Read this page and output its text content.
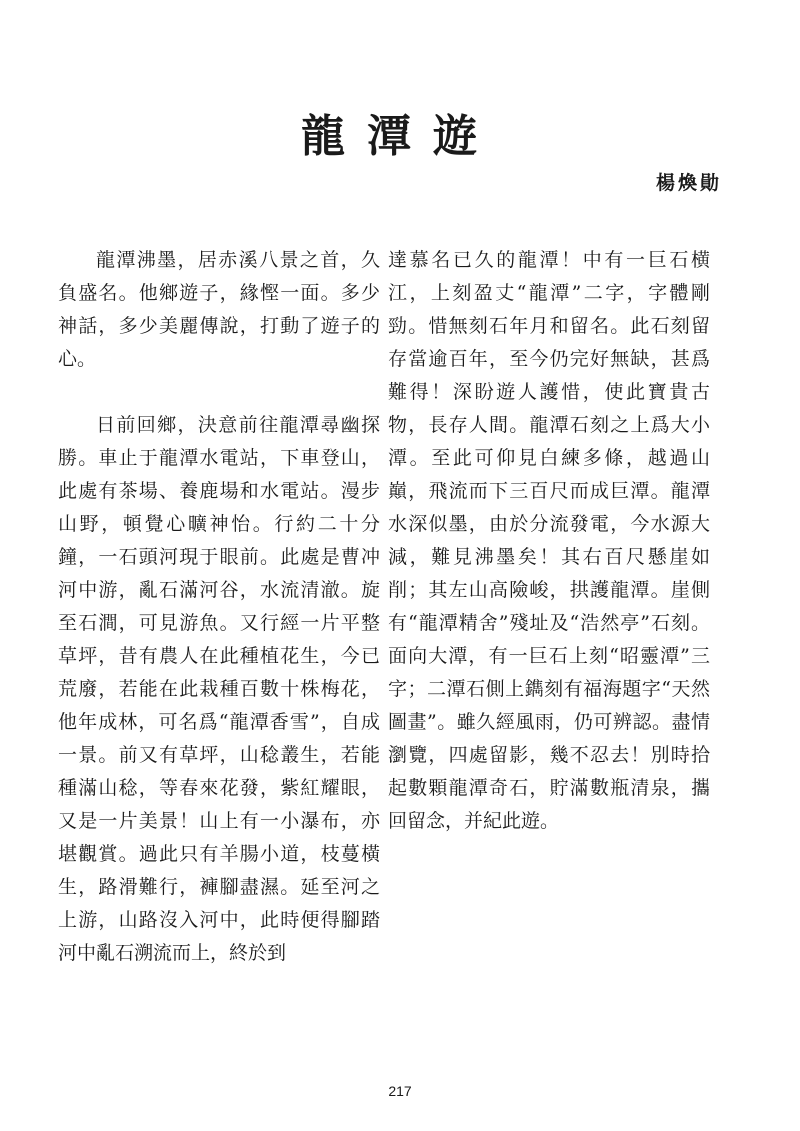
龍潭遊
楊煥勛

龍潭沸墨，居赤溪八景之首，久負盛名。他鄉遊子，緣慳一面。多少神話，多少美麗傳說，打動了遊子的心。

日前回鄉，決意前往龍潭尋幽探勝。車止于龍潭水電站，下車登山，此處有茶場、養鹿場和水電站。漫步山野，頓覺心曠神怡。行約二十分鐘，一石頭河現于眼前。此處是曹冲河中游，亂石滿河谷，水流清澈。旋至石澗，可見游魚。又行經一片平整草坪，昔有農人在此種植花生，今已荒廢，若能在此栽種百數十株梅花，他年成林，可名爲“龍潭香雪”，自成一景。前又有草坪，山稔叢生，若能種滿山稔，等春來花發，紫紅耀眼，又是一片美景！山上有一小瀑布，亦堪觀賞。過此只有羊腸小道，枝蔓橫生，路滑難行，褲腳盡濕。延至河之上游，山路沒入河中，此時便得腳踏河中亂石溯流而上，終於到

達慕名已久的龍潭！中有一巨石横江，上刻盈丈“龍潭”二字，字體剛勁。惜無刻石年月和留名。此石刻留存當逾百年，至今仍完好無缺，甚爲難得！深盼遊人護惜，使此寶貴古物，長存人間。龍潭石刻之上爲大小潭。至此可仰見白練多條，越過山巔，飛流而下三百尺而成巨潭。龍潭水深似墨，由於分流發電，今水源大減，難見沸墨矣！其右百尺懸崖如削；其左山高險峻，拱護龍潭。崖側有“龍潭精舍”殘址及“浩然亭”石刻。面向大潭，有一巨石上刻“昭靈潭”三字；二潭石側上鐫刻有福海題字“天然圖畫”。雖久經風雨，仍可辨認。盡情瀏覽，四處留影，幾不忍去！別時拾起數顆龍潭奇石，貯滿數瓶清泉，攜回留念，并紀此遊。

217
